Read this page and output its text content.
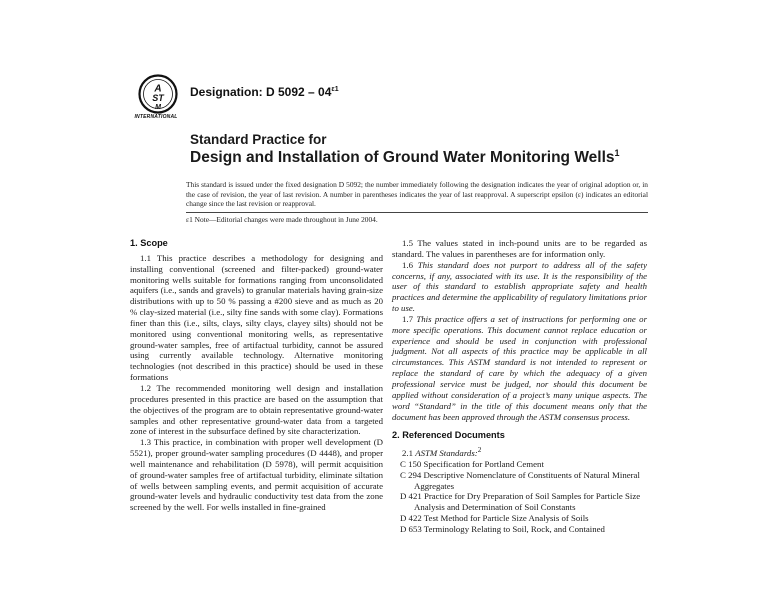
A
ST
M
INTERNATIONAL
Designation: D $5092 - 04^{\varepsilon 1}$
Standard Practice for
Design and Installation of Ground Water Monitoring Wells$^1$
This standard is issued under the fixed designation D 5092; the number immediately following the designation indicates the year of original adoption or, in the case of revision, the year of last revision. A number in parentheses indicates the year of last reapproval. A superscript epsilon (ε) indicates an editorial change since the last revision or reapproval.
ε1 Note—Editorial changes were made throughout in June 2004.
1. Scope

1.1 This practice describes a methodology for designing and installing conventional (screened and filter-packed) ground-water monitoring wells suitable for formations ranging from unconsolidated aquifers (i.e., sands and gravels) to granular materials having grain-size distributions with up to 50 % passing a #200 sieve and as much as 20 % clay-sized material (i.e., silty fine sands with some clay). Formations finer than this (i.e., silts, clays, silty clays, clayey silts) should not be monitored using conventional monitoring wells, as representative ground-water samples, free of artifactual turbidity, cannot be assured using currently available technology. Alternative monitoring technologies (not described in this practice) should be used in these formations

1.2 The recommended monitoring well design and installation procedures presented in this practice are based on the assumption that the objectives of the program are to obtain representative ground-water samples and other representative ground-water data from a targeted zone of interest in the subsurface defined by site characterization.

1.3 This practice, in combination with proper well development (D 5521), proper ground-water sampling procedures (D 4448), and proper well maintenance and rehabilitation (D 5978), will permit acquisition of ground-water samples free of artifactual turbidity, eliminate siltation of wells between sampling events, and permit acquisition of accurate ground-water levels and hydraulic conductivity test data from the zone screened by the well. For wells installed in fine-grained

1.5 The values stated in inch-pound units are to be regarded as standard. The values in parentheses are for information only.

1.6 This standard does not purport to address all of the safety concerns, if any, associated with its use. It is the responsibility of the user of this standard to establish appropriate safety and health practices and determine the applicability of regulatory limitations prior to use.

1.7 This practice offers a set of instructions for performing one or more specific operations. This document cannot replace education or experience and should be used in conjunction with professional judgment. Not all aspects of this practice may be applicable in all circumstances. This ASTM standard is not intended to represent or replace the standard of care by which the adequacy of a given professional service must be judged, nor should this document be applied without consideration of a project’s many unique aspects. The word “Standard” in the title of this document means only that the document has been approved through the ASTM consensus process.

2. Referenced Documents
2.1 ASTM Standards:$^2$

C 150 Specification for Portland Cement

C 294 Descriptive Nomenclature of Constituents of Natural Mineral Aggregates

D 421 Practice for Dry Preparation of Soil Samples for Particle Size Analysis and Determination of Soil Constants

D 422 Test Method for Particle Size Analysis of Soils

D 653 Terminology Relating to Soil, Rock, and Contained
